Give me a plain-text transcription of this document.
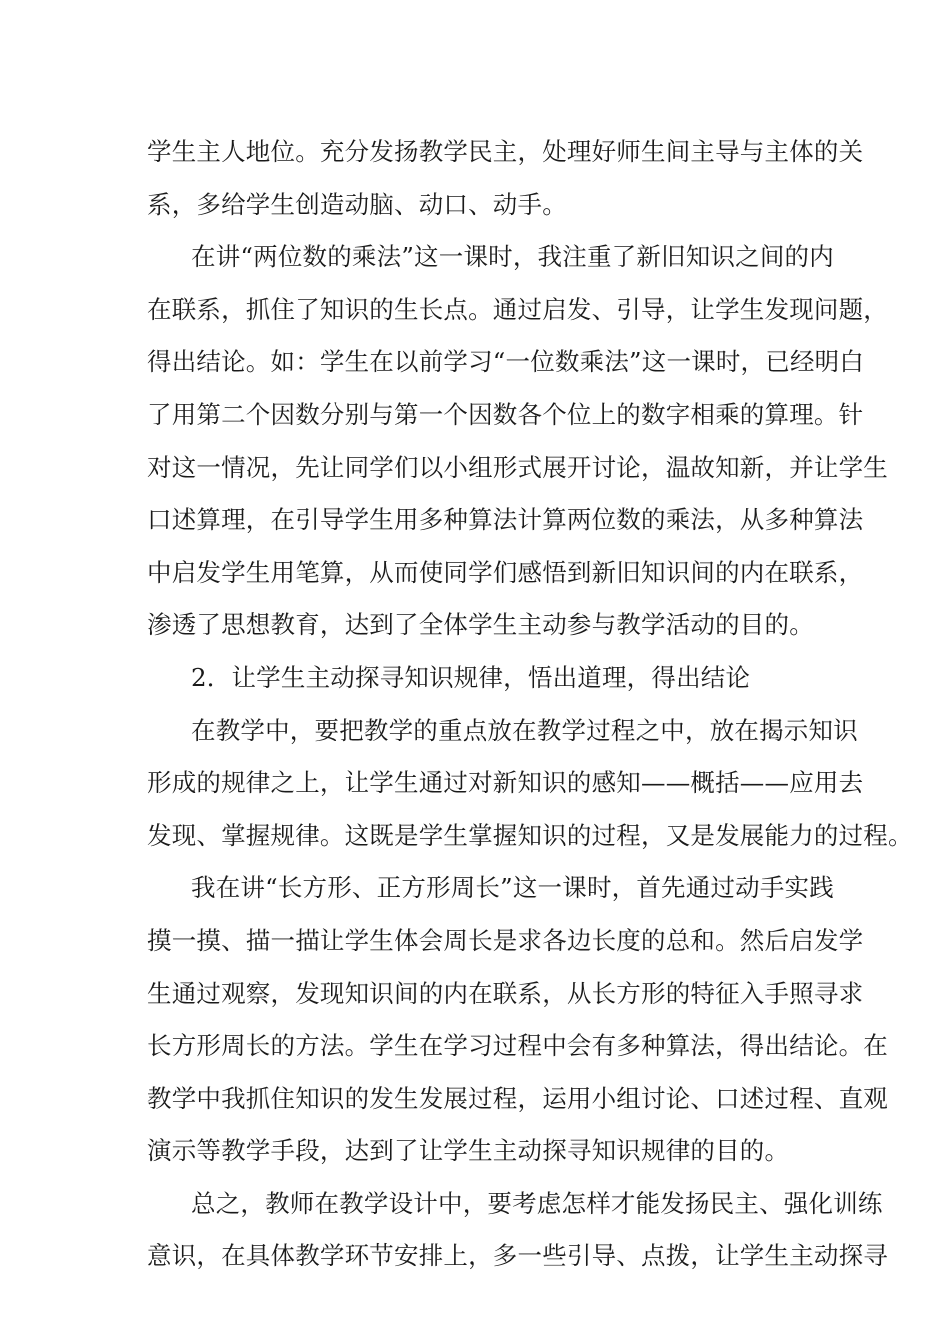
学生主人地位。充分发扬教学民主，处理好师生间主导与主体的关
系，多给学生创造动脑、动口、动手。
在讲“两位数的乘法”这一课时，我注重了新旧知识之间的内
在联系，抓住了知识的生长点。通过启发、引导，让学生发现问题，
得出结论。如：学生在以前学习“一位数乘法”这一课时，已经明白
了用第二个因数分别与第一个因数各个位上的数字相乘的算理。针
对这一情况，先让同学们以小组形式展开讨论，温故知新，并让学生
口述算理，在引导学生用多种算法计算两位数的乘法，从多种算法
中启发学生用笔算，从而使同学们感悟到新旧知识间的内在联系，
渗透了思想教育，达到了全体学生主动参与教学活动的目的。
2．让学生主动探寻知识规律，悟出道理，得出结论
在教学中，要把教学的重点放在教学过程之中，放在揭示知识
形成的规律之上，让学生通过对新知识的感知——概括——应用去
发现、掌握规律。这既是学生掌握知识的过程，又是发展能力的过程。
我在讲“长方形、正方形周长”这一课时，首先通过动手实践
摸一摸、描一描让学生体会周长是求各边长度的总和。然后启发学
生通过观察，发现知识间的内在联系，从长方形的特征入手照寻求
长方形周长的方法。学生在学习过程中会有多种算法，得出结论。在
教学中我抓住知识的发生发展过程，运用小组讨论、口述过程、直观
演示等教学手段，达到了让学生主动探寻知识规律的目的。
总之，教师在教学设计中，要考虑怎样才能发扬民主、强化训练
意识，在具体教学环节安排上，多一些引导、点拨，让学生主动探寻
